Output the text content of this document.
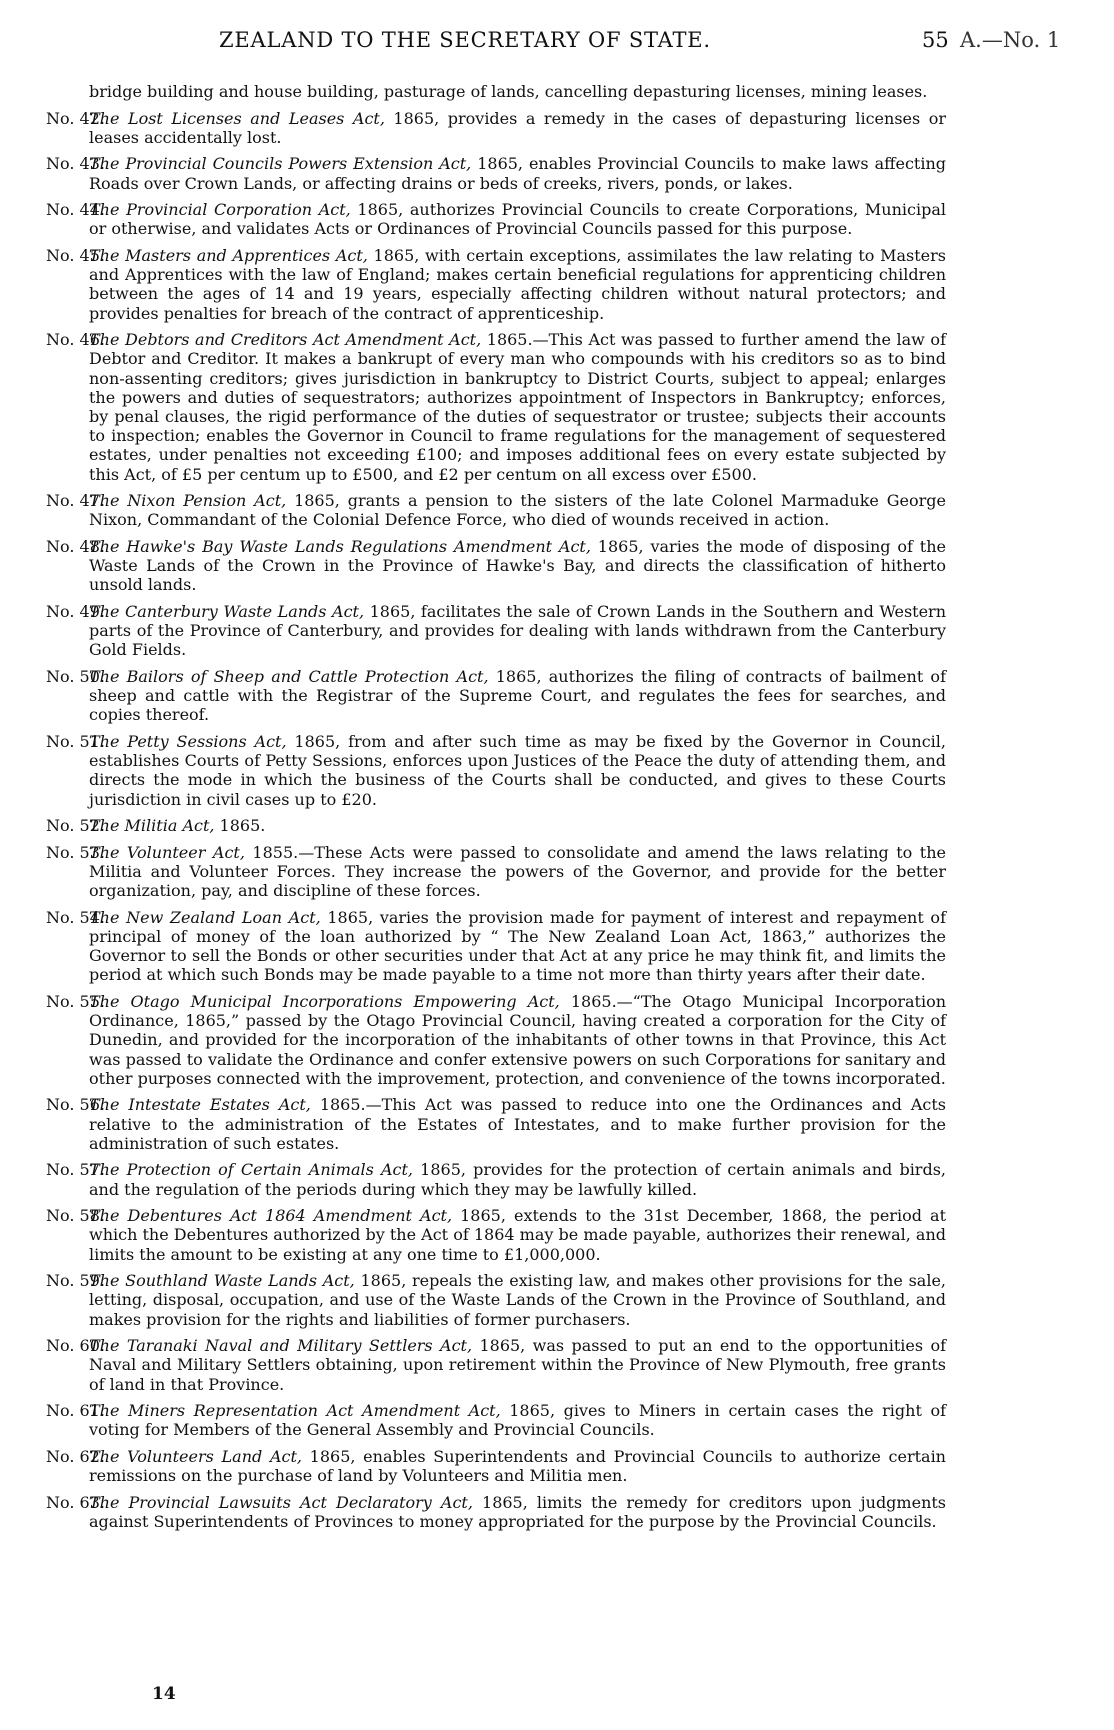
ZEALAND TO THE SECRETARY OF STATE.	55 A.—No. 1
bridge building and house building, pasturage of lands, cancelling depasturing licenses, mining leases.
No. 42.
The Lost Licenses and Leases Act, 1865, provides a remedy in the cases of depasturing licenses or leases accidentally lost.
No. 43.
The Provincial Councils Powers Extension Act, 1865, enables Provincial Councils to make laws affecting Roads over Crown Lands, or affecting drains or beds of creeks, rivers, ponds, or lakes.
No. 44.
The Provincial Corporation Act, 1865, authorizes Provincial Councils to create Corporations, Municipal or otherwise, and validates Acts or Ordinances of Provincial Councils passed for this purpose.
No. 45.
The Masters and Apprentices Act, 1865, with certain exceptions, assimilates the law relating to Masters and Apprentices with the law of England; makes certain beneficial regulations for apprenticing children between the ages of 14 and 19 years, especially affecting children without natural protectors; and provides penalties for breach of the contract of apprenticeship.
No. 46.
The Debtors and Creditors Act Amendment Act, 1865.—This Act was passed to further amend the law of Debtor and Creditor. It makes a bankrupt of every man who compounds with his creditors so as to bind non-assenting creditors; gives jurisdiction in bankruptcy to District Courts, subject to appeal; enlarges the powers and duties of sequestrators; authorizes appointment of Inspectors in Bankruptcy; enforces, by penal clauses, the rigid performance of the duties of sequestrator or trustee; subjects their accounts to inspection; enables the Governor in Council to frame regulations for the management of sequestered estates, under penalties not exceeding £100; and imposes additional fees on every estate subjected by this Act, of £5 per centum up to £500, and £2 per centum on all excess over £500.
No. 47.
The Nixon Pension Act, 1865, grants a pension to the sisters of the late Colonel Marmaduke George Nixon, Commandant of the Colonial Defence Force, who died of wounds received in action.
No. 48.
The Hawke's Bay Waste Lands Regulations Amendment Act, 1865, varies the mode of disposing of the Waste Lands of the Crown in the Province of Hawke's Bay, and directs the classification of hitherto unsold lands.
No. 49.
The Canterbury Waste Lands Act, 1865, facilitates the sale of Crown Lands in the Southern and Western parts of the Province of Canterbury, and provides for dealing with lands withdrawn from the Canterbury Gold Fields.
No. 50.
The Bailors of Sheep and Cattle Protection Act, 1865, authorizes the filing of contracts of bailment of sheep and cattle with the Registrar of the Supreme Court, and regulates the fees for searches, and copies thereof.
No. 51.
The Petty Sessions Act, 1865, from and after such time as may be fixed by the Governor in Council, establishes Courts of Petty Sessions, enforces upon Justices of the Peace the duty of attending them, and directs the mode in which the business of the Courts shall be conducted, and gives to these Courts jurisdiction in civil cases up to £20.
No. 52.
The Militia Act, 1865.
No. 53.
The Volunteer Act, 1855.—These Acts were passed to consolidate and amend the laws relating to the Militia and Volunteer Forces. They increase the powers of the Governor, and provide for the better organization, pay, and discipline of these forces.
No. 54.
The New Zealand Loan Act, 1865, varies the provision made for payment of interest and repayment of principal of money of the loan authorized by “ The New Zealand Loan Act, 1863,” authorizes the Governor to sell the Bonds or other securities under that Act at any price he may think fit, and limits the period at which such Bonds may be made payable to a time not more than thirty years after their date.
No. 55.
The Otago Municipal Incorporations Empowering Act, 1865.—“The Otago Municipal Incorporation Ordinance, 1865,” passed by the Otago Provincial Council, having created a corporation for the City of Dunedin, and provided for the incorporation of the inhabitants of other towns in that Province, this Act was passed to validate the Ordinance and confer extensive powers on such Corporations for sanitary and other purposes connected with the improvement, protection, and convenience of the towns incorporated.
No. 56.
The Intestate Estates Act, 1865.—This Act was passed to reduce into one the Ordinances and Acts relative to the administration of the Estates of Intestates, and to make further provision for the administration of such estates.
No. 57.
The Protection of Certain Animals Act, 1865, provides for the protection of certain animals and birds, and the regulation of the periods during which they may be lawfully killed.
No. 58.
The Debentures Act 1864 Amendment Act, 1865, extends to the 31st December, 1868, the period at which the Debentures authorized by the Act of 1864 may be made payable, authorizes their renewal, and limits the amount to be existing at any one time to £1,000,000.
No. 59.
The Southland Waste Lands Act, 1865, repeals the existing law, and makes other provisions for the sale, letting, disposal, occupation, and use of the Waste Lands of the Crown in the Province of Southland, and makes provision for the rights and liabilities of former purchasers.
No. 60.
The Taranaki Naval and Military Settlers Act, 1865, was passed to put an end to the opportunities of Naval and Military Settlers obtaining, upon retirement within the Province of New Plymouth, free grants of land in that Province.
No. 61.
The Miners Representation Act Amendment Act, 1865, gives to Miners in certain cases the right of voting for Members of the General Assembly and Provincial Councils.
No. 62.
The Volunteers Land Act, 1865, enables Superintendents and Provincial Councils to authorize certain remissions on the purchase of land by Volunteers and Militia men.
No. 63.
The Provincial Lawsuits Act Declaratory Act, 1865, limits the remedy for creditors upon judgments against Superintendents of Provinces to money appropriated for the purpose by the Provincial Councils.
14
